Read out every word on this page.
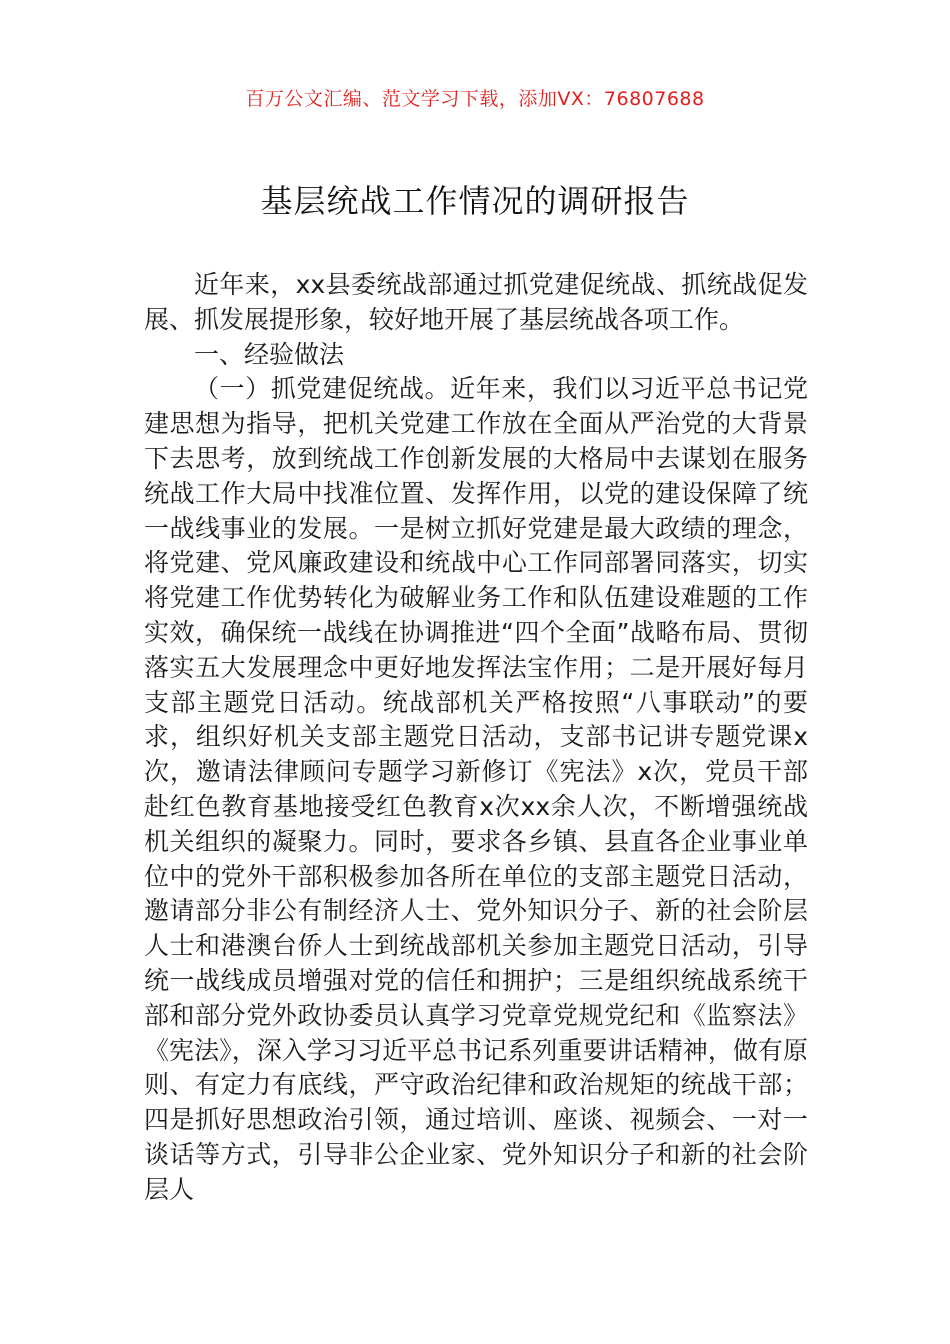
百万公文汇编、范文学习下载，添加VX：76807688
基层统战工作情况的调研报告

近年来，xx县委统战部通过抓党建促统战、抓统战促发展、抓发展提形象，较好地开展了基层统战各项工作。

一、经验做法

（一）抓党建促统战。近年来，我们以习近平总书记党建思想为指导，把机关党建工作放在全面从严治党的大背景下去思考，放到统战工作创新发展的大格局中去谋划在服务统战工作大局中找准位置、发挥作用，以党的建设保障了统一战线事业的发展。一是树立抓好党建是最大政绩的理念，将党建、党风廉政建设和统战中心工作同部署同落实，切实将党建工作优势转化为破解业务工作和队伍建设难题的工作实效，确保统一战线在协调推进“四个全面”战略布局、贯彻落实五大发展理念中更好地发挥法宝作用；二是开展好每月支部主题党日活动。统战部机关严格按照“八事联动”的要求，组织好机关支部主题党日活动，支部书记讲专题党课x次，邀请法律顾问专题学习新修订《宪法》x次，党员干部赴红色教育基地接受红色教育x次xx余人次，不断增强统战机关组织的凝聚力。同时，要求各乡镇、县直各企业事业单位中的党外干部积极参加各所在单位的支部主题党日活动，邀请部分非公有制经济人士、党外知识分子、新的社会阶层人士和港澳台侨人士到统战部机关参加主题党日活动，引导统一战线成员增强对党的信任和拥护；三是组织统战系统干部和部分党外政协委员认真学习党章党规党纪和《监察法》《宪法》，深入学习习近平总书记系列重要讲话精神，做有原则、有定力有底线，严守政治纪律和政治规矩的统战干部；四是抓好思想政治引领，通过培训、座谈、视频会、一对一谈话等方式，引导非公企业家、党外知识分子和新的社会阶层人
